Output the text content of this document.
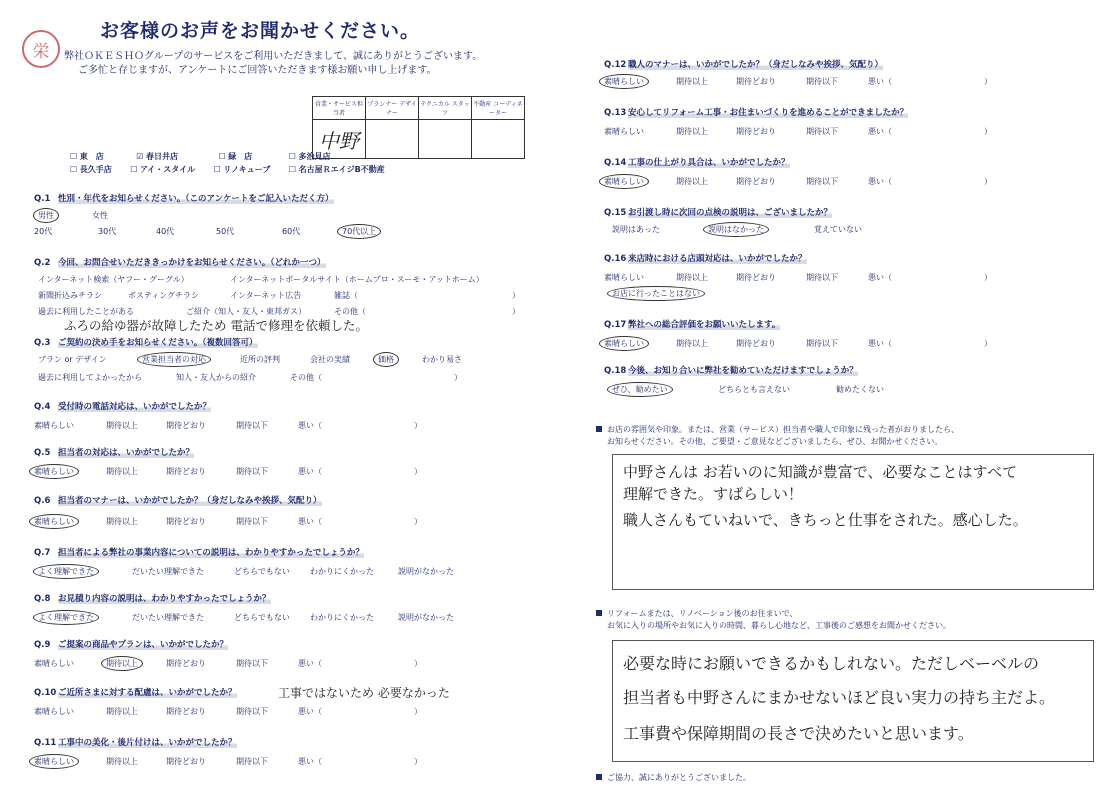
栄
お客様のお声をお聞かせください。
弊社ＯＫＥＳＨＯグループのサービスをご利用いただきまして、誠にありがとうございます。
ご多忙と存じますが、アンケートにご回答いただきます様お願い申し上げます。
営業・サービス担当者	プランナー デザイナー	テクニカル スタッフ	不動産 コーディネーター
中野			
☐ 東　店	☑ 春日井店	☐ 緑　店	☐ 多治見店
☐ 長久手店 ☐ アイ・スタイル ☐ リノキューブ ☐ 名古屋ＲエイジB不動産
Q.1 性別・年代をお知らせください。（このアンケートをご記入いただく方）
男性	女性
20代	30代	40代	50代	60代	70代以上
Q.2 今回、お問合せいただききっかけをお知らせください。（どれか一つ）
インターネット検索（ヤフー・グーグル）	インターネットポータルサイト（ホームプロ・スーモ・アットホーム）
新聞折込みチラシ	ポスティングチラシ	インターネット広告	雑誌（	）
過去に利用したことがある	ご紹介（知人・友人・東邦ガス）	その他（	）
ふろの給ゆ器が故障したため 電話で修理を依頼した。
Q.3 ご契約の決め手をお知らせください。（複数回答可）
プラン or デザイン	営業担当者の対応	近所の評判	会社の実績	価格	わかり易さ
過去に利用してよかったから	知人・友人からの紹介	その他（	）
Q.4 受付時の電話対応は、いかがでしたか？
素晴らしい	期待以上	期待どおり	期待以下	悪い（	）
Q.5 担当者の対応は、いかがでしたか？
素晴らしい	期待以上	期待どおり	期待以下	悪い（	）
Q.6 担当者のマナーは、いかがでしたか？（身だしなみや挨拶、気配り）
素晴らしい	期待以上	期待どおり	期待以下	悪い（	）
Q.7 担当者による弊社の事業内容についての説明は、わかりやすかったでしょうか？
よく理解できた	だいたい理解できた	どちらでもない	わかりにくかった	説明がなかった
Q.8 お見積り内容の説明は、わかりやすかったでしょうか？
よく理解できた	だいたい理解できた	どちらでもない	わかりにくかった	説明がなかった
Q.9 ご提案の商品やプランは、いかがでしたか？
素晴らしい	期待以上	期待どおり	期待以下	悪い（	）
Q.10 ご近所さまに対する配慮は、いかがでしたか？
素晴らしい	期待以上	期待どおり	期待以下	悪い（	）
工事ではないため 必要なかった
Q.11 工事中の美化・後片付けは、いかがでしたか？
素晴らしい	期待以上	期待どおり	期待以下	悪い（	）
Q.12 職人のマナーは、いかがでしたか？（身だしなみや挨拶、気配り）
素晴らしい	期待以上	期待どおり	期待以下	悪い（	）
Q.13 安心してリフォーム工事・お住まいづくりを進めることができましたか？
素晴らしい	期待以上	期待どおり	期待以下	悪い（	）
Q.14 工事の仕上がり具合は、いかがでしたか？
素晴らしい	期待以上	期待どおり	期待以下	悪い（	）
Q.15 お引渡し時に次回の点検の説明は、ございましたか？
説明はあった	説明はなかった	覚えていない
Q.16 来店時における店頭対応は、いかがでしたか？
素晴らしい	期待以上	期待どおり	期待以下	悪い（	）
お店に行ったことはない
Q.17 弊社への総合評価をお願いいたします。
素晴らしい	期待以上	期待どおり	期待以下	悪い（	）
Q.18 今後、お知り合いに弊社を勧めていただけますでしょうか？
ぜひ、勧めたい	どちらとも言えない	勧めたくない
お店の雰囲気や印象。または、営業（サービス）担当者や職人で印象に残った者がおりましたら、
お知らせください。その他、ご要望・ご意見などございましたら、ぜひ、お聞かせください。
中野さんは お若いのに知識が豊富で、必要なことはすべて
理解できた。すばらしい！
職人さんもていねいで、きちっと仕事をされた。感心した。
リフォームまたは、リノベーション後のお住まいで、
お気に入りの場所やお気に入りの時間、暮らし心地など、工事後のご感想をお聞かせください。
必要な時にお願いできるかもしれない。ただしベーベルの
担当者も中野さんにまかせないほど良い実力の持ち主だよ。
工事費や保障期間の長さで決めたいと思います。
ご協力、誠にありがとうございました。
